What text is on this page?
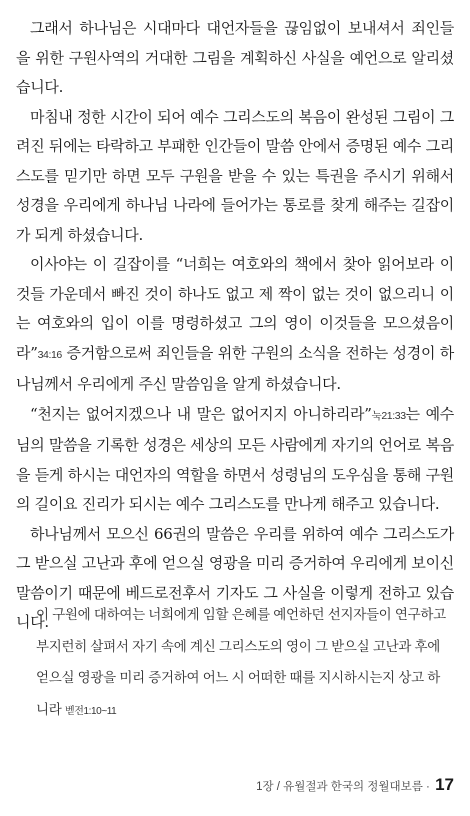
그래서 하나님은 시대마다 대언자들을 끊임없이 보내셔서 죄인들을 위한 구원사역의 거대한 그림을 계획하신 사실을 예언으로 알리셨습니다.

마침내 정한 시간이 되어 예수 그리스도의 복음이 완성된 그림이 그려진 뒤에는 타락하고 부패한 인간들이 말씀 안에서 증명된 예수 그리스도를 믿기만 하면 모두 구원을 받을 수 있는 특권을 주시기 위해서 성경을 우리에게 하나님 나라에 들어가는 통로를 찾게 해주는 길잡이가 되게 하셨습니다.

이사야는 이 길잡이를 “너희는 여호와의 책에서 찾아 읽어보라 이것들 가운데서 빠진 것이 하나도 없고 제 짝이 없는 것이 없으리니 이는 여호와의 입이 이를 명령하셨고 그의 영이 이것들을 모으셨음이라”34:16 증거함으로써 죄인들을 위한 구원의 소식을 전하는 성경이 하나님께서 우리에게 주신 말씀임을 알게 하셨습니다.

“천지는 없어지겠으나 내 말은 없어지지 아니하리라”눅21:33는 예수님의 말씀을 기록한 성경은 세상의 모든 사람에게 자기의 언어로 복음을 듣게 하시는 대언자의 역할을 하면서 성령님의 도우심을 통해 구원의 길이요 진리가 되시는 예수 그리스도를 만나게 해주고 있습니다.

하나님께서 모으신 66권의 말씀은 우리를 위하여 예수 그리스도가 그 받으실 고난과 후에 얻으실 영광을 미리 증거하여 우리에게 보이신 말씀이기 때문에 베드로전후서 기자도 그 사실을 이렇게 전하고 있습니다.

이 구원에 대하여는 너희에게 임할 은혜를 예언하던 선지자들이 연구하고 부지런히 살펴서 자기 속에 계신 그리스도의 영이 그 받으실 고난과 후에 얻으실 영광을 미리 증거하여 어느 시 어떠한 때를 지시하시는지 상고 하니라 벧전1:10~11
1장 / 유월절과 한국의 정월대보름 · 17
